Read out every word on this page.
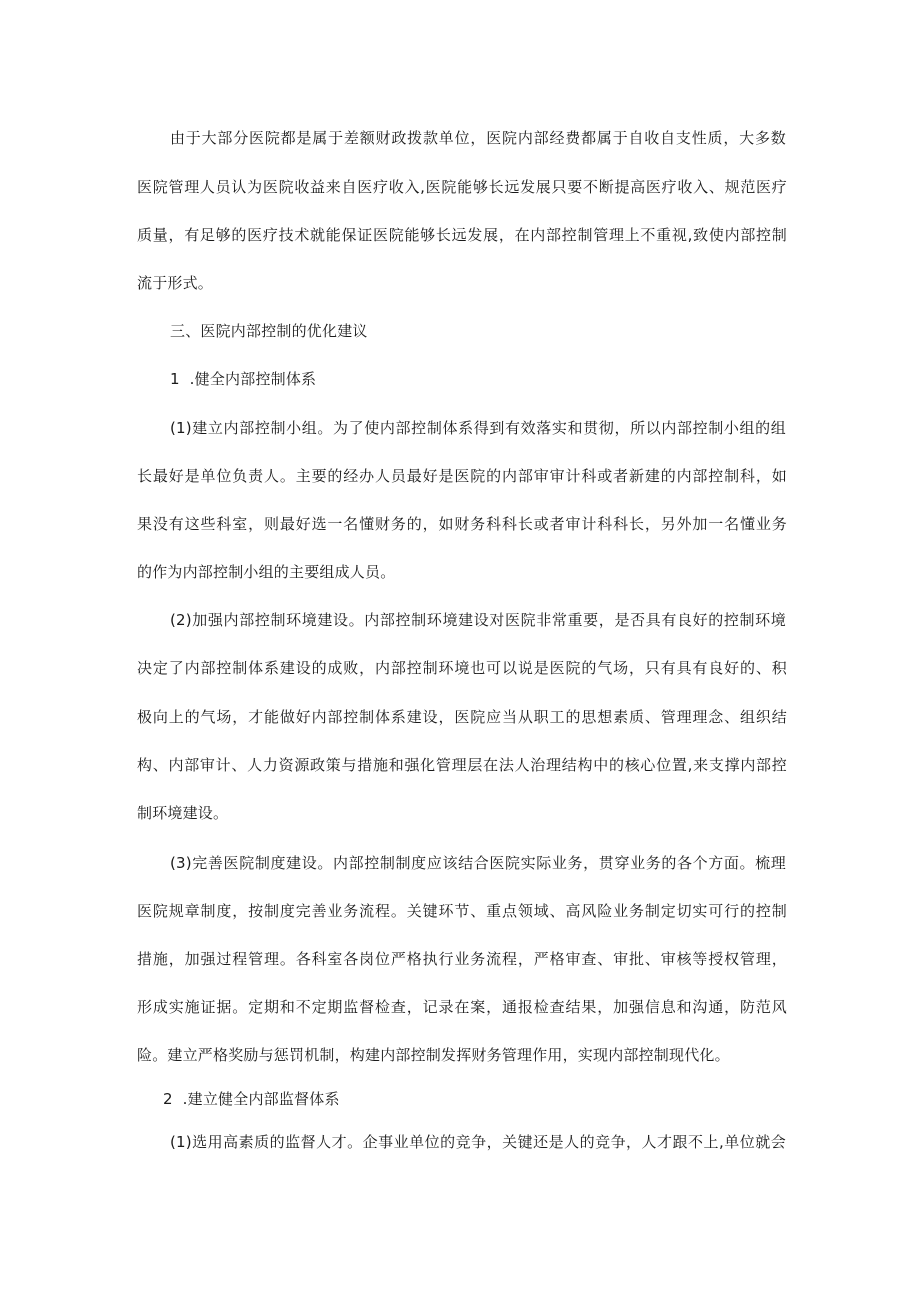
由于大部分医院都是属于差额财政拨款单位，医院内部经费都属于自收自支性质，大多数
医院管理人员认为医院收益来自医疗收入,医院能够长远发展只要不断提高医疗收入、规范医疗
质量，有足够的医疗技术就能保证医院能够长远发展，在内部控制管理上不重视,致使内部控制
流于形式。
三、医院内部控制的优化建议
1  .健全内部控制体系
(1)建立内部控制小组。为了使内部控制体系得到有效落实和贯彻，所以内部控制小组的组
长最好是单位负责人。主要的经办人员最好是医院的内部审审计科或者新建的内部控制科，如
果没有这些科室，则最好选一名懂财务的，如财务科科长或者审计科科长，另外加一名懂业务
的作为内部控制小组的主要组成人员。
(2)加强内部控制环境建设。内部控制环境建设对医院非常重要，是否具有良好的控制环境
决定了内部控制体系建设的成败，内部控制环境也可以说是医院的气场，只有具有良好的、积
极向上的气场，才能做好内部控制体系建设，医院应当从职工的思想素质、管理理念、组织结
构、内部审计、人力资源政策与措施和强化管理层在法人治理结构中的核心位置,来支撑内部控
制环境建设。
(3)完善医院制度建设。内部控制制度应该结合医院实际业务，贯穿业务的各个方面。梳理
医院规章制度，按制度完善业务流程。关键环节、重点领域、高风险业务制定切实可行的控制
措施，加强过程管理。各科室各岗位严格执行业务流程，严格审查、审批、审核等授权管理，
形成实施证据。定期和不定期监督检查，记录在案，通报检查结果，加强信息和沟通，防范风
险。建立严格奖励与惩罚机制，构建内部控制发挥财务管理作用，实现内部控制现代化。
2  .建立健全内部监督体系
(1)选用高素质的监督人才。企事业单位的竞争，关键还是人的竞争，人才跟不上,单位就会
